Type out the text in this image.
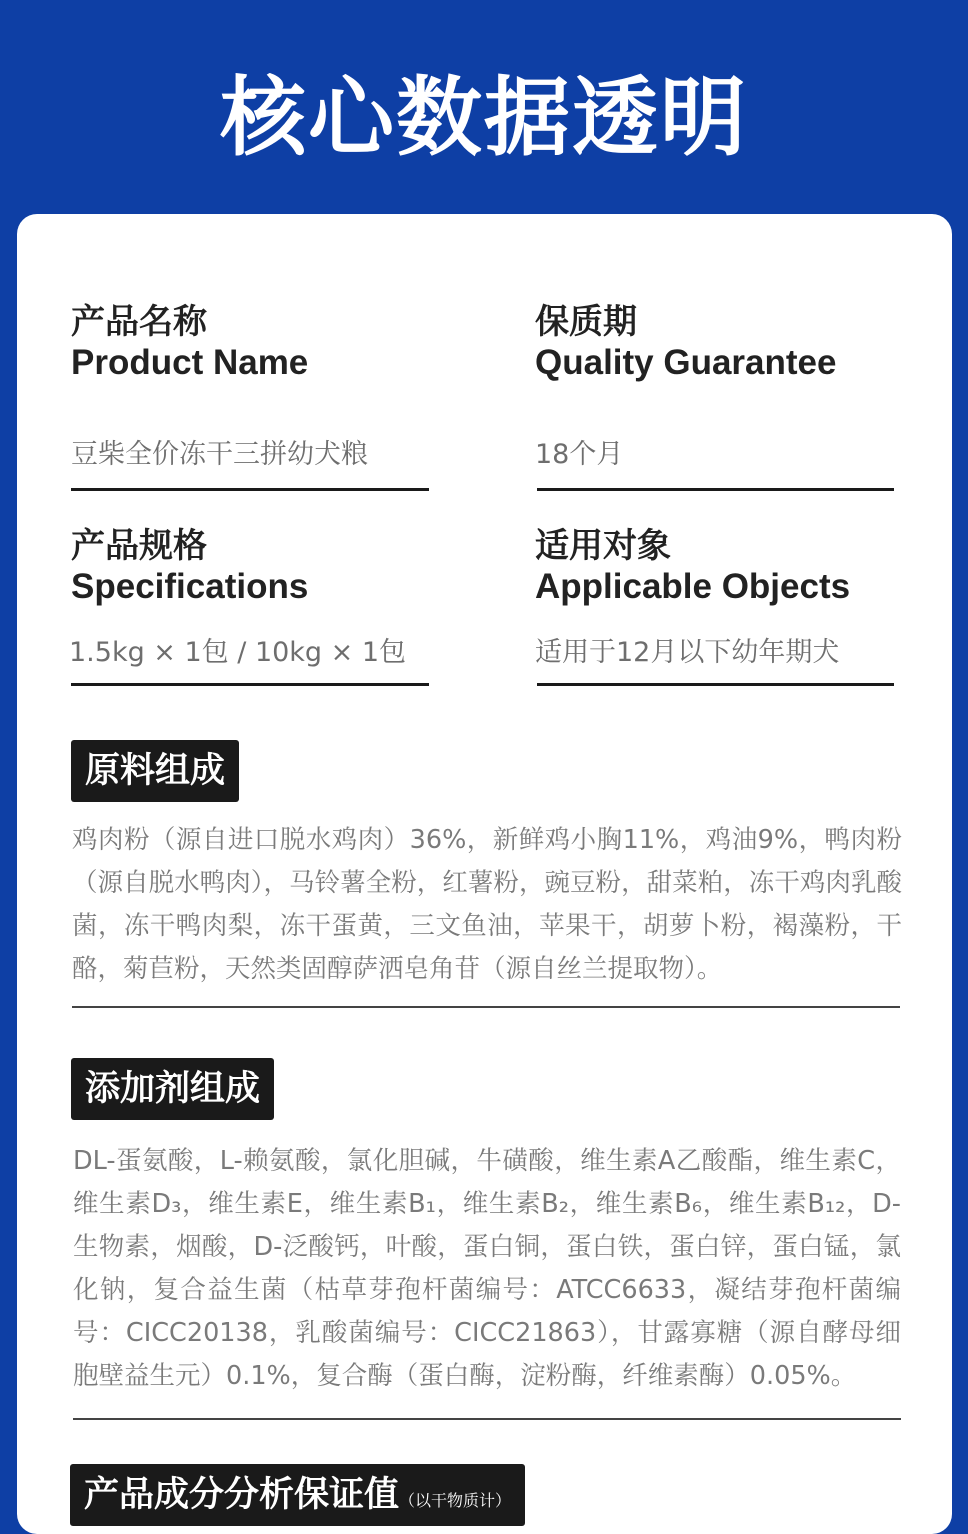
核心数据透明
产品名称
Product Name
豆柴全价冻干三拼幼犬粮
保质期
Quality Guarantee
18个月
产品规格
Specifications
1.5kg × 1包 / 10kg × 1包
适用对象
Applicable Objects
适用于12月以下幼年期犬
原料组成
鸡肉粉（源自进口脱水鸡肉）36%，新鲜鸡小胸11%，鸡油9%，鸭肉粉（源自脱水鸭肉），马铃薯全粉，红薯粉，豌豆粉，甜菜粕，冻干鸡肉乳酸菌，冻干鸭肉梨，冻干蛋黄，三文鱼油，苹果干，胡萝卜粉，褐藻粉，干酪，菊苣粉，天然类固醇萨洒皂角苷（源自丝兰提取物）。
添加剂组成
DL-蛋氨酸，L-赖氨酸，氯化胆碱，牛磺酸，维生素A乙酸酯，维生素C，维生素D₃，维生素E，维生素B₁，维生素B₂，维生素B₆，维生素B₁₂，D-生物素，烟酸，D-泛酸钙，叶酸，蛋白铜，蛋白铁，蛋白锌，蛋白锰，氯化钠，复合益生菌（枯草芽孢杆菌编号：ATCC6633，凝结芽孢杆菌编号：CICC20138，乳酸菌编号：CICC21863），甘露寡糖（源自酵母细胞壁益生元）0.1%，复合酶（蛋白酶，淀粉酶，纤维素酶）0.05%。
产品成分分析保证值（以干物质计）
